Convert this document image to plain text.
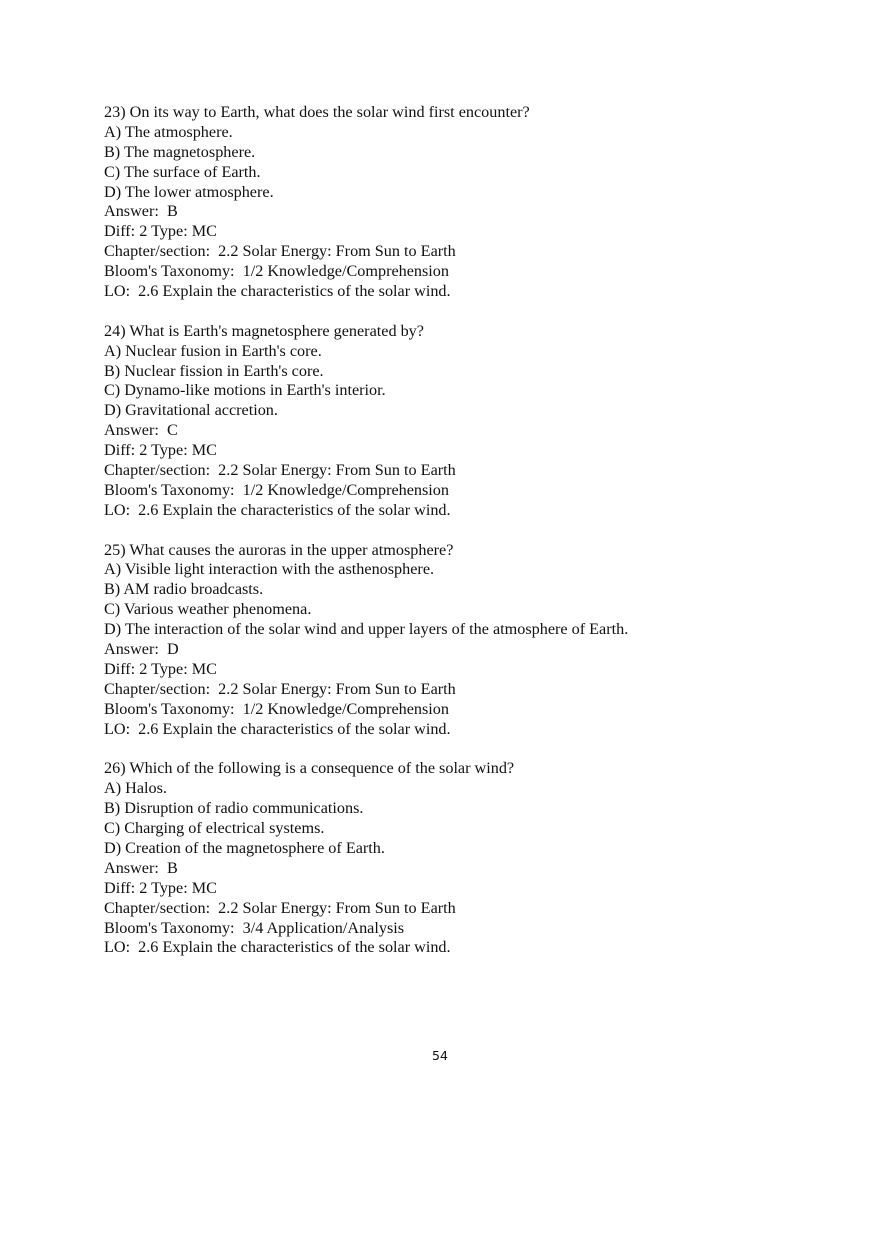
23) On its way to Earth, what does the solar wind first encounter?
A) The atmosphere.
B) The magnetosphere.
C) The surface of Earth.
D) The lower atmosphere.
Answer:  B
Diff: 2 Type: MC
Chapter/section:  2.2 Solar Energy: From Sun to Earth
Bloom's Taxonomy:  1/2 Knowledge/Comprehension
LO:  2.6 Explain the characteristics of the solar wind.
24) What is Earth's magnetosphere generated by?
A) Nuclear fusion in Earth's core.
B) Nuclear fission in Earth's core.
C) Dynamo-like motions in Earth's interior.
D) Gravitational accretion.
Answer:  C
Diff: 2 Type: MC
Chapter/section:  2.2 Solar Energy: From Sun to Earth
Bloom's Taxonomy:  1/2 Knowledge/Comprehension
LO:  2.6 Explain the characteristics of the solar wind.
25) What causes the auroras in the upper atmosphere?
A) Visible light interaction with the asthenosphere.
B) AM radio broadcasts.
C) Various weather phenomena.
D) The interaction of the solar wind and upper layers of the atmosphere of Earth.
Answer:  D
Diff: 2 Type: MC
Chapter/section:  2.2 Solar Energy: From Sun to Earth
Bloom's Taxonomy:  1/2 Knowledge/Comprehension
LO:  2.6 Explain the characteristics of the solar wind.
26) Which of the following is a consequence of the solar wind?
A) Halos.
B) Disruption of radio communications.
C) Charging of electrical systems.
D) Creation of the magnetosphere of Earth.
Answer:  B
Diff: 2 Type: MC
Chapter/section:  2.2 Solar Energy: From Sun to Earth
Bloom's Taxonomy:  3/4 Application/Analysis
LO:  2.6 Explain the characteristics of the solar wind.
54
